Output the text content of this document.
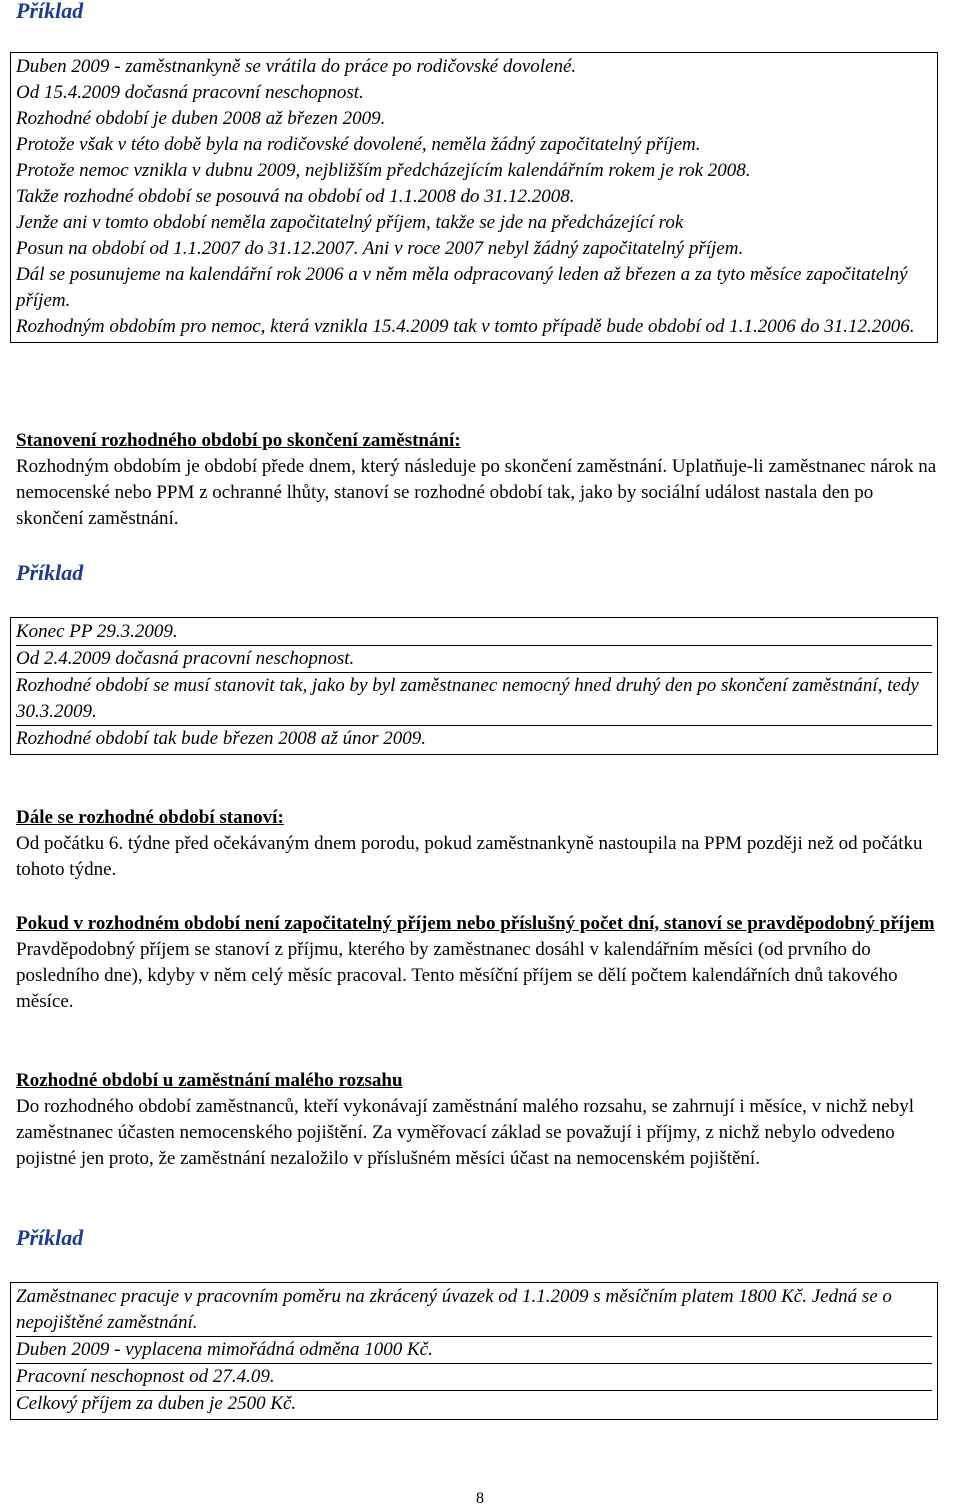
Příklad

Duben 2009 - zaměstnankyně se vrátila do práce po rodičovské dovolené.

Od 15.4.2009 dočasná pracovní neschopnost.

Rozhodné období je duben 2008 až březen 2009.

Protože však v této době byla na rodičovské dovolené, neměla žádný započitatelný příjem.

Protože nemoc vznikla v dubnu 2009, nejbližším předcházejícím kalendářním rokem je rok 2008.

Takže rozhodné období se posouvá na období od 1.1.2008 do 31.12.2008.

Jenže ani v tomto období neměla započitatelný příjem, takže se jde na předcházející rok

Posun na období od 1.1.2007 do 31.12.2007. Ani v roce 2007 nebyl žádný započitatelný příjem.

Dál se posunujeme na kalendářní rok 2006 a v něm měla odpracovaný leden až březen a za tyto měsíce započitatelný příjem.

Rozhodným obdobím pro nemoc, která vznikla 15.4.2009 tak v tomto případě bude období od 1.1.2006 do 31.12.2006.

Stanovení rozhodného období po skončení zaměstnání:

Rozhodným obdobím je období přede dnem, který následuje po skončení zaměstnání. Uplatňuje-li zaměstnanec nárok na nemocenské nebo PPM z ochranné lhůty, stanoví se rozhodné období tak, jako by sociální událost nastala den po skončení zaměstnání.

Příklad

Konec PP 29.3.2009.

Od 2.4.2009 dočasná pracovní neschopnost.

Rozhodné období se musí stanovit tak, jako by byl zaměstnanec nemocný hned druhý den po skončení zaměstnání, tedy 30.3.2009.

Rozhodné období tak bude březen 2008 až únor 2009.

Dále se rozhodné období stanoví:

Od počátku 6. týdne před očekávaným dnem porodu, pokud zaměstnankyně nastoupila na PPM později než od počátku tohoto týdne.

Pokud v rozhodném období není započitatelný příjem nebo příslušný počet dní, stanoví se pravděpodobný příjem

Pravděpodobný příjem se stanoví z příjmu, kterého by zaměstnanec dosáhl v kalendářním měsíci (od prvního do posledního dne), kdyby v něm celý měsíc pracoval. Tento měsíční příjem se dělí počtem kalendářních dnů takového měsíce.

Rozhodné období u zaměstnání malého rozsahu

Do rozhodného období zaměstnanců, kteří vykonávají zaměstnání malého rozsahu, se zahrnují i měsíce, v nichž nebyl zaměstnanec účasten nemocenského pojištění. Za vyměřovací základ se považují i příjmy, z nichž nebylo odvedeno pojistné jen proto, že zaměstnání nezaložilo v příslušném měsíci účast na nemocenském pojištění.

Příklad

Zaměstnanec pracuje v pracovním poměru na zkrácený úvazek od 1.1.2009 s měsíčním platem 1800 Kč. Jedná se o nepojištěné zaměstnání.

Duben 2009 - vyplacena mimořádná odměna 1000 Kč.

Pracovní neschopnost od 27.4.09.

Celkový příjem za duben je 2500 Kč.

8
